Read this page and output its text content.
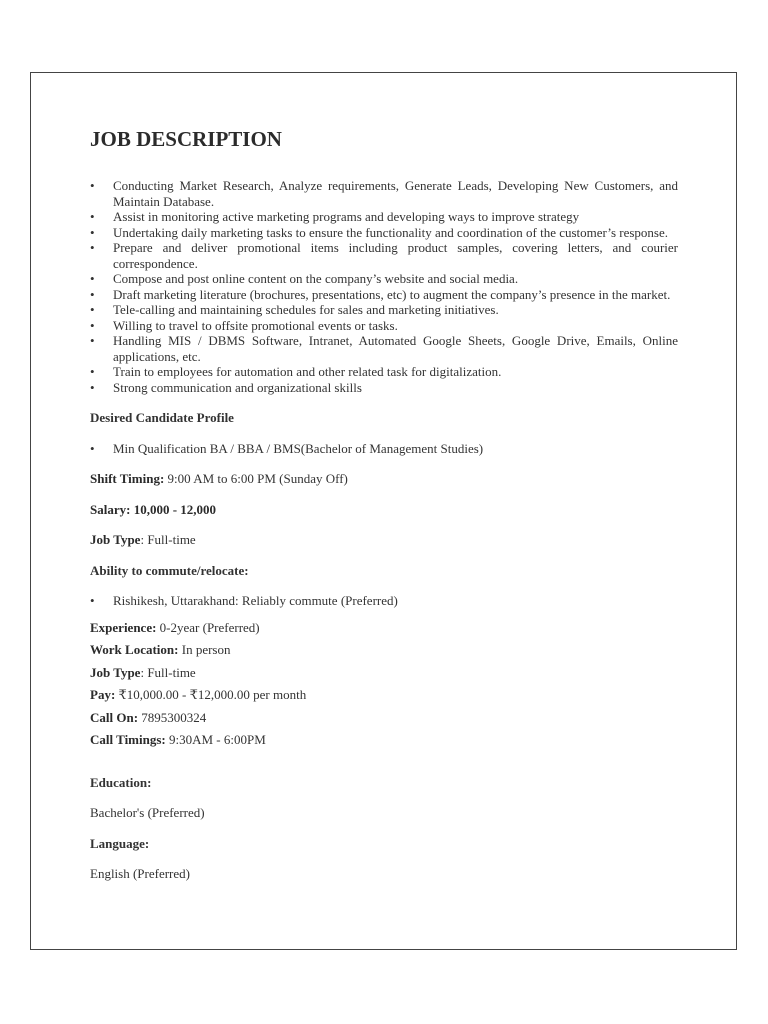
JOB DESCRIPTION
• Conducting Market Research, Analyze requirements, Generate Leads, Developing New Customers, and Maintain Database.
• Assist in monitoring active marketing programs and developing ways to improve strategy
• Undertaking daily marketing tasks to ensure the functionality and coordination of the customer’s response.
• Prepare and deliver promotional items including product samples, covering letters, and courier correspondence.
• Compose and post online content on the company’s website and social media.
• Draft marketing literature (brochures, presentations, etc) to augment the company’s presence in the market.
• Tele-calling and maintaining schedules for sales and marketing initiatives.
• Willing to travel to offsite promotional events or tasks.
• Handling MIS / DBMS Software, Intranet, Automated Google Sheets, Google Drive, Emails, Online applications, etc.
• Train to employees for automation and other related task for digitalization.
• Strong communication and organizational skills

Desired Candidate Profile

• Min Qualification BA / BBA / BMS(Bachelor of Management Studies)

Shift Timing: 9:00 AM to 6:00 PM (Sunday Off)

Salary: 10,000 - 12,000

Job Type: Full-time

Ability to commute/relocate:

• Rishikesh, Uttarakhand: Reliably commute (Preferred)

Experience: 0-2year (Preferred)

Work Location: In person

Job Type: Full-time

Pay: ₹10,000.00 - ₹12,000.00 per month

Call On: 7895300324

Call Timings: 9:30AM - 6:00PM

Education:

Bachelor's (Preferred)

Language:

English (Preferred)
